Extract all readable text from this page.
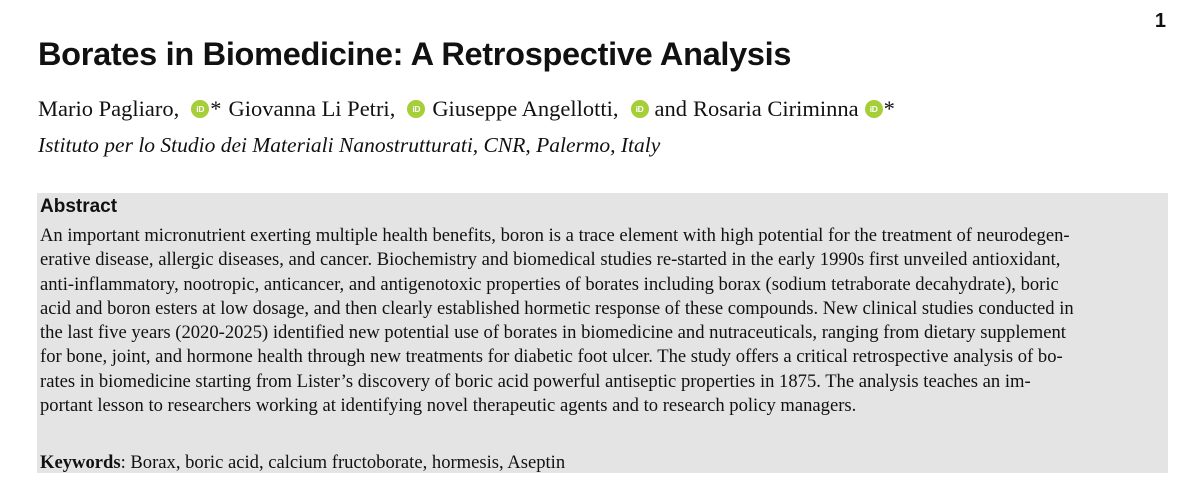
1
Borates in Biomedicine: A Retrospective Analysis
Mario Pagliaro ,	iD * Giovanna Li Petri ,	iD Giuseppe Angellotti ,	iD and Rosaria Ciriminna	iD *
Istituto per lo Studio dei Materiali Nanostrutturati, CNR, Palermo, Italy
Abstract
An important micronutrient exerting multiple health benefits, boron is a trace element with high potential for the treatment of neurodegen-
erative disease, allergic diseases, and cancer. Biochemistry and biomedical studies re-started in the early 1990s first unveiled antioxidant,
anti-inflammatory, nootropic, anticancer, and antigenotoxic properties of borates including borax (sodium tetraborate decahydrate), boric
acid and boron esters at low dosage, and then clearly established hormetic response of these compounds. New clinical studies conducted in
the last five years (2020-2025) identified new potential use of borates in biomedicine and nutraceuticals, ranging from dietary supplement
for bone, joint, and hormone health through new treatments for diabetic foot ulcer. The study offers a critical retrospective analysis of bo-
rates in biomedicine starting from Lister’s discovery of boric acid powerful antiseptic properties in 1875. The analysis teaches an im-
portant lesson to researchers working at identifying novel therapeutic agents and to research policy managers.
Keywords: Borax, boric acid, calcium fructoborate, hormesis, Aseptin
